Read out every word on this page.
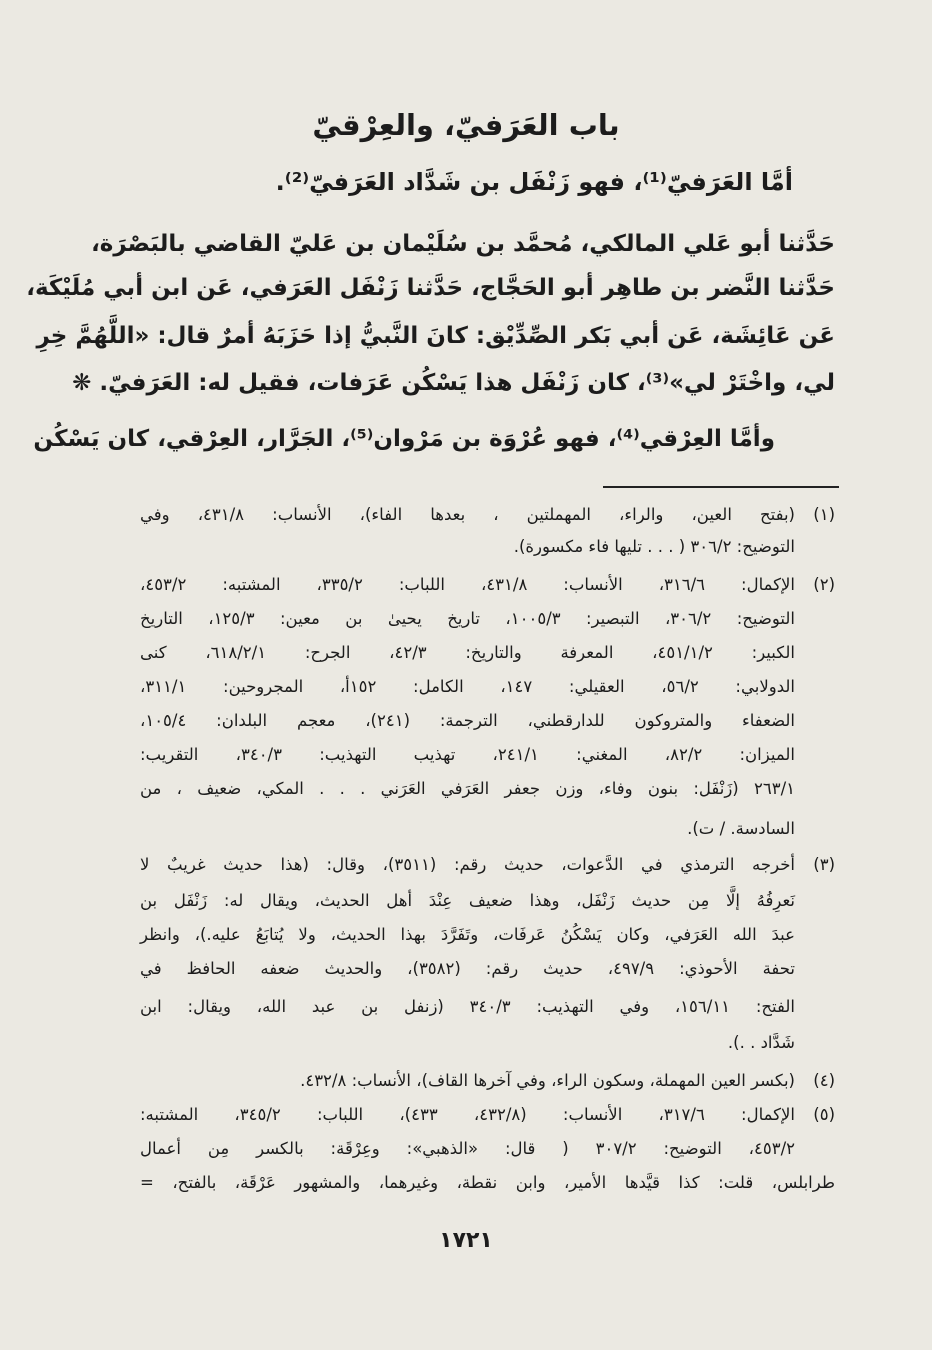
باب العَرَفيّ، والعِرْقيّ
أمَّا العَرَفيّ⁽¹⁾، فهو زَنْفَل بن شَدَّاد العَرَفيّ⁽²⁾.
حَدَّثنا أبو عَلي المالكي، مُحمَّد بن سُلَيْمان بن عَليّ القاضي بالبَصْرَة،
حَدَّثنا النَّضر بن طاهِر أبو الحَجَّاج، حَدَّثنا زَنْفَل العَرَفي، عَن ابن أبي مُلَيْكَة،
عَن عَائِشَة، عَن أبي بَكر الصِّدِّيْق: كانَ النَّبيُّ إذا حَزَبَهُ أمرٌ قال: «اللَّهُمَّ خِرِ
لي، واخْتَرْ لي»⁽³⁾، كان زَنْفَل هذا يَسْكُن عَرَفات، فقيل له: العَرَفيّ. ❋
وأمَّا العِرْقي⁽⁴⁾، فهو عُرْوَة بن مَرْوان⁽⁵⁾، الجَرَّار، العِرْقي، كان يَسْكُن
(١)
(بفتح العين، والراء، المهملتين ، بعدها الفاء)، الأنساب: ٤٣١/٨، وفي
التوضيح: ٣٠٦/٢ ( . . . تليها فاء مكسورة).
(٢)
الإكمال: ٣١٦/٦، الأنساب: ٤٣١/٨، اللباب: ٣٣٥/٢، المشتبه: ٤٥٣/٢،
التوضيح: ٣٠٦/٢، التبصير: ١٠٠٥/٣، تاريخ يحيىٰ بن معين: ١٢٥/٣، التاريخ
الكبير: ٤٥١/١/٢، المعرفة والتاريخ: ٤٢/٣، الجرح: ٦١٨/٢/١، كنى
الدولابي: ٥٦/٢، العقيلي: ١٤٧، الكامل: ١٥٢أ، المجروحين: ٣١١/١،
الضعفاء والمتروكون للدارقطني، الترجمة: (٢٤١)، معجم البلدان: ١٠٥/٤،
الميزان: ٨٢/٢، المغني: ٢٤١/١، تهذيب التهذيب: ٣٤٠/٣، التقريب:
٢٦٣/١ (زَنْفَل: بنون وفاء، وزن جعفر العَرَفي العَرَني . . . المكي، ضعيف ، من
السادسة. / ت).
(٣)
أخرجه الترمذي في الدَّعوات، حديث رقم: (٣٥١١)، وقال: (هذا حديث غريبٌ لا
نَعرِفُهُ إلَّا مِن حديث زَنْفَل، وهذا ضعيف عِنْدَ أهل الحديث، ويقال له: زَنْفَل بن
عبدَ الله العَرَفي، وكان يَسْكُنُ عَرفَات، وتَفَرَّدَ بهذا الحديث، ولا يُتابَعُ عليه.)، وانظر
تحفة الأحوذي: ٤٩٧/٩، حديث رقم: (٣٥٨٢)، والحديث ضعفه الحافظ في
الفتح: ١٥٦/١١، وفي التهذيب: ٣٤٠/٣ (زنفل بن عبد الله، ويقال: ابن
شَدَّاد . .).
(٤)
(بكسر العين المهملة، وسكون الراء، وفي آخرها القاف)، الأنساب: ٤٣٢/٨.
(٥)
الإكمال: ٣١٧/٦، الأنساب: (٤٣٢/٨، ٤٣٣)، اللباب: ٣٤٥/٢، المشتبه:
٤٥٣/٢، التوضيح: ٣٠٧/٢ ( قال: «الذهبي»: وعِرْقَة: بالكسر مِن أعمال
طرابلس، قلت: كذا قيَّدها الأمير، وابن نقطة، وغيرهما، والمشهور عَرْقَة، بالفتح، =
١٧٢١
